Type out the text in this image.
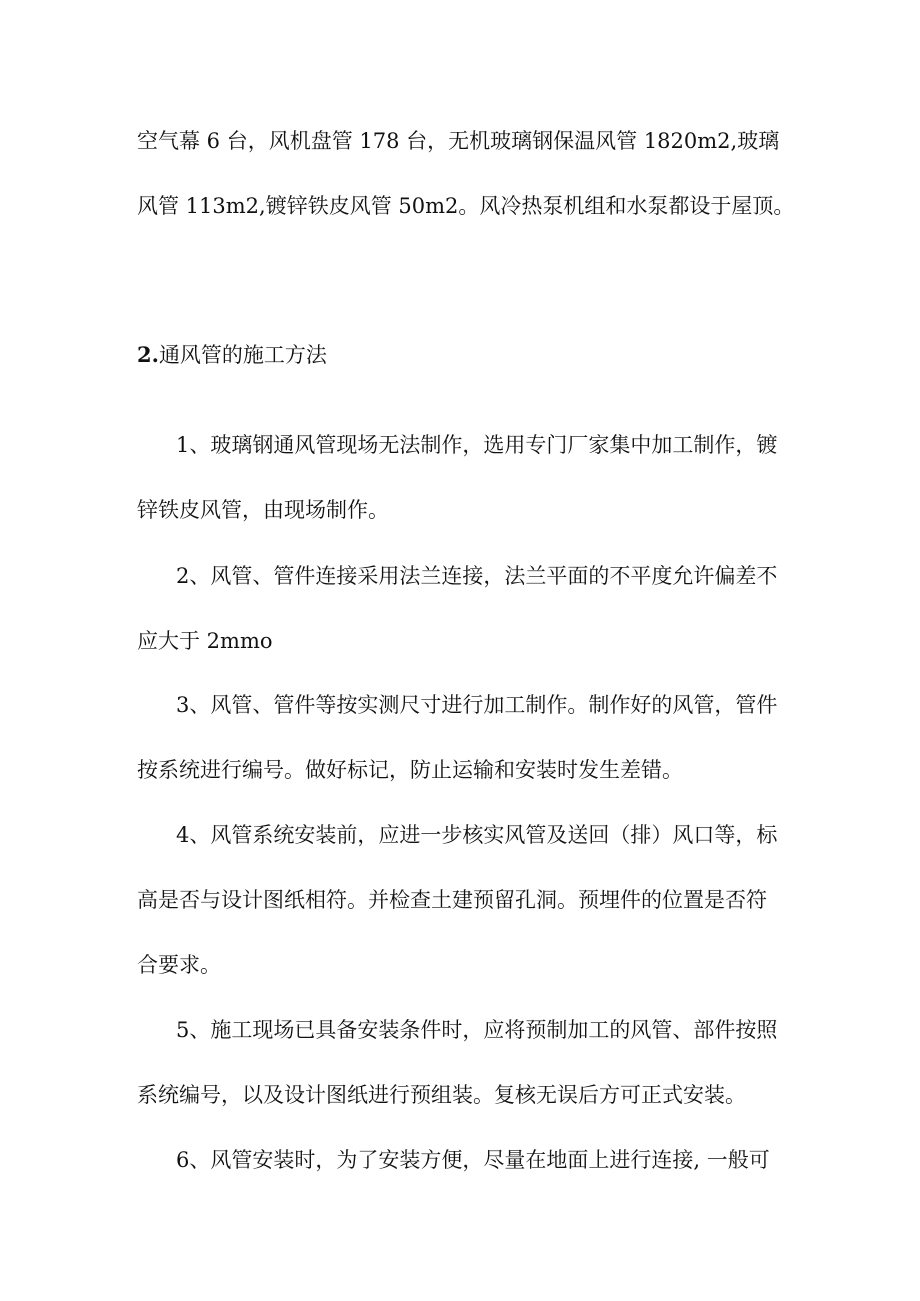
空气幕 6 台，风机盘管 178 台，无机玻璃钢保温风管 1820m2,玻璃

风管 113m2,镀锌铁皮风管 50m2。风冷热泵机组和水泵都设于屋顶。

2.通风管的施工方法

1、玻璃钢通风管现场无法制作，选用专门厂家集中加工制作，镀

锌铁皮风管，由现场制作。

2、风管、管件连接采用法兰连接，法兰平面的不平度允许偏差不

应大于 2mmo

3、风管、管件等按实测尺寸进行加工制作。制作好的风管，管件

按系统进行编号。做好标记，防止运输和安装时发生差错。

4、风管系统安装前，应进一步核实风管及送回（排）风口等，标

高是否与设计图纸相符。并检查土建预留孔洞。预埋件的位置是否符

合要求。

5、施工现场已具备安装条件时，应将预制加工的风管、部件按照

系统编号，以及设计图纸进行预组装。复核无误后方可正式安装。

6、风管安装时，为了安装方便，尽量在地面上进行连接, 一般可
